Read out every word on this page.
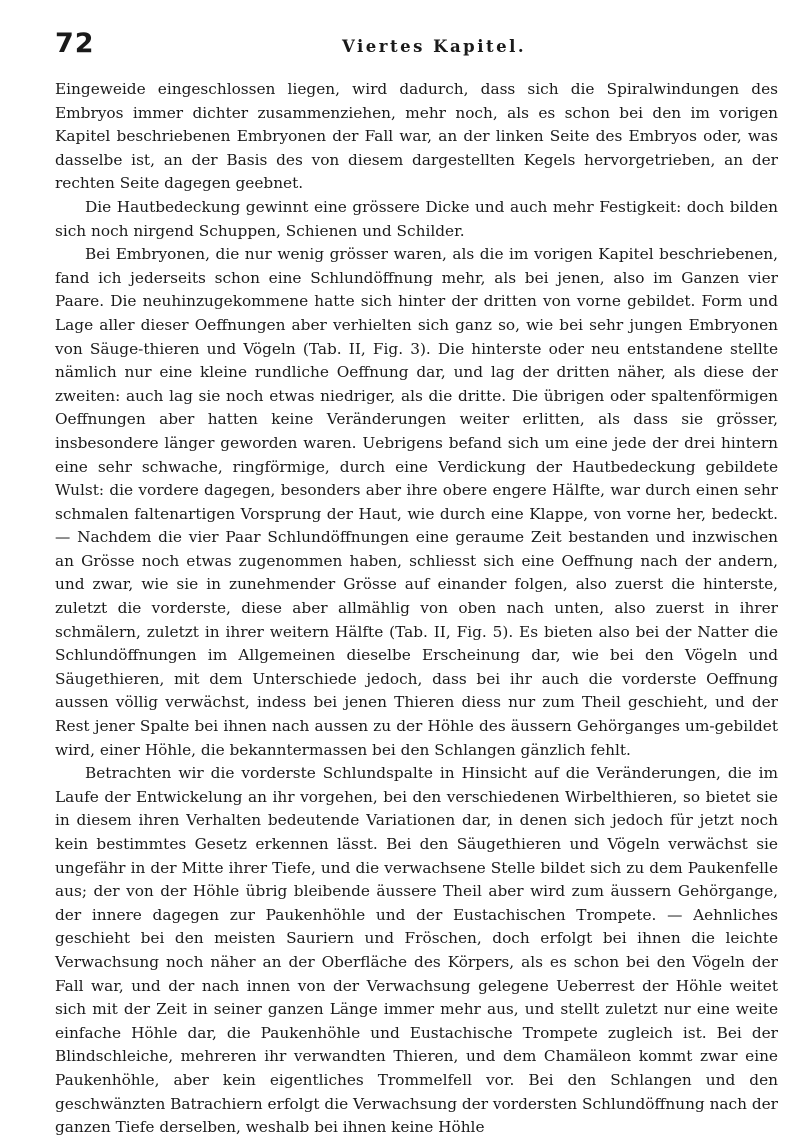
72	Viertes Kapitel.

Eingeweide eingeschlossen liegen, wird dadurch, dass sich die Spiralwindungen des Embryos immer dichter zusammenziehen, mehr noch, als es schon bei den im vorigen Kapitel beschriebenen Embryonen der Fall war, an der linken Seite des Embryos oder, was dasselbe ist, an der Basis des von diesem dargestellten Kegels hervorgetrieben, an der rechten Seite dagegen geebnet.

Die Hautbedeckung gewinnt eine grössere Dicke und auch mehr Festigkeit: doch bilden sich noch nirgend Schuppen, Schienen und Schilder.

Bei Embryonen, die nur wenig grösser waren, als die im vorigen Kapitel beschriebenen, fand ich jederseits schon eine Schlundöffnung mehr, als bei jenen, also im Ganzen vier Paare. Die neuhinzugekommene hatte sich hinter der dritten von vorne gebildet. Form und Lage aller dieser Oeffnungen aber verhielten sich ganz so, wie bei sehr jungen Embryonen von Säuge-thieren und Vögeln (Tab. II, Fig. 3). Die hinterste oder neu entstandene stellte nämlich nur eine kleine rundliche Oeffnung dar, und lag der dritten näher, als diese der zweiten: auch lag sie noch etwas niedriger, als die dritte. Die übrigen oder spaltenförmigen Oeffnungen aber hatten keine Veränderungen weiter erlitten, als dass sie grösser, insbesondere länger geworden waren. Uebrigens befand sich um eine jede der drei hintern eine sehr schwache, ringförmige, durch eine Verdickung der Hautbedeckung gebildete Wulst: die vordere dagegen, besonders aber ihre obere engere Hälfte, war durch einen sehr schmalen faltenartigen Vorsprung der Haut, wie durch eine Klappe, von vorne her, bedeckt. — Nachdem die vier Paar Schlundöffnungen eine geraume Zeit bestanden und inzwischen an Grösse noch etwas zugenommen haben, schliesst sich eine Oeffnung nach der andern, und zwar, wie sie in zunehmender Grösse auf einander folgen, also zuerst die hinterste, zuletzt die vorderste, diese aber allmählig von oben nach unten, also zuerst in ihrer schmälern, zuletzt in ihrer weitern Hälfte (Tab. II, Fig. 5). Es bieten also bei der Natter die Schlundöffnungen im Allgemeinen dieselbe Erscheinung dar, wie bei den Vögeln und Säugethieren, mit dem Unterschiede jedoch, dass bei ihr auch die vorderste Oeffnung aussen völlig verwächst, indess bei jenen Thieren diess nur zum Theil geschieht, und der Rest jener Spalte bei ihnen nach aussen zu der Höhle des äussern Gehörganges um-gebildet wird, einer Höhle, die bekanntermassen bei den Schlangen gänzlich fehlt.

Betrachten wir die vorderste Schlundspalte in Hinsicht auf die Veränderungen, die im Laufe der Entwickelung an ihr vorgehen, bei den verschiedenen Wirbelthieren, so bietet sie in diesem ihren Verhalten bedeutende Variationen dar, in denen sich jedoch für jetzt noch kein bestimmtes Gesetz erkennen lässt. Bei den Säugethieren und Vögeln verwächst sie ungefähr in der Mitte ihrer Tiefe, und die verwachsene Stelle bildet sich zu dem Paukenfelle aus; der von der Höhle übrig bleibende äussere Theil aber wird zum äussern Gehörgange, der innere dagegen zur Paukenhöhle und der Eustachischen Trompete. — Aehnliches geschieht bei den meisten Sauriern und Fröschen, doch erfolgt bei ihnen die leichte Verwachsung noch näher an der Oberfläche des Körpers, als es schon bei den Vögeln der Fall war, und der nach innen von der Verwachsung gelegene Ueberrest der Höhle weitet sich mit der Zeit in seiner ganzen Länge immer mehr aus, und stellt zuletzt nur eine weite einfache Höhle dar, die Paukenhöhle und Eustachische Trompete zugleich ist. Bei der Blindschleiche, mehreren ihr verwandten Thieren, und dem Chamäleon kommt zwar eine Paukenhöhle, aber kein eigentliches Trommelfell vor. Bei den Schlangen und den geschwänzten Batrachiern erfolgt die Verwachsung der vordersten Schlundöffnung nach der ganzen Tiefe derselben, weshalb bei ihnen keine Höhle
